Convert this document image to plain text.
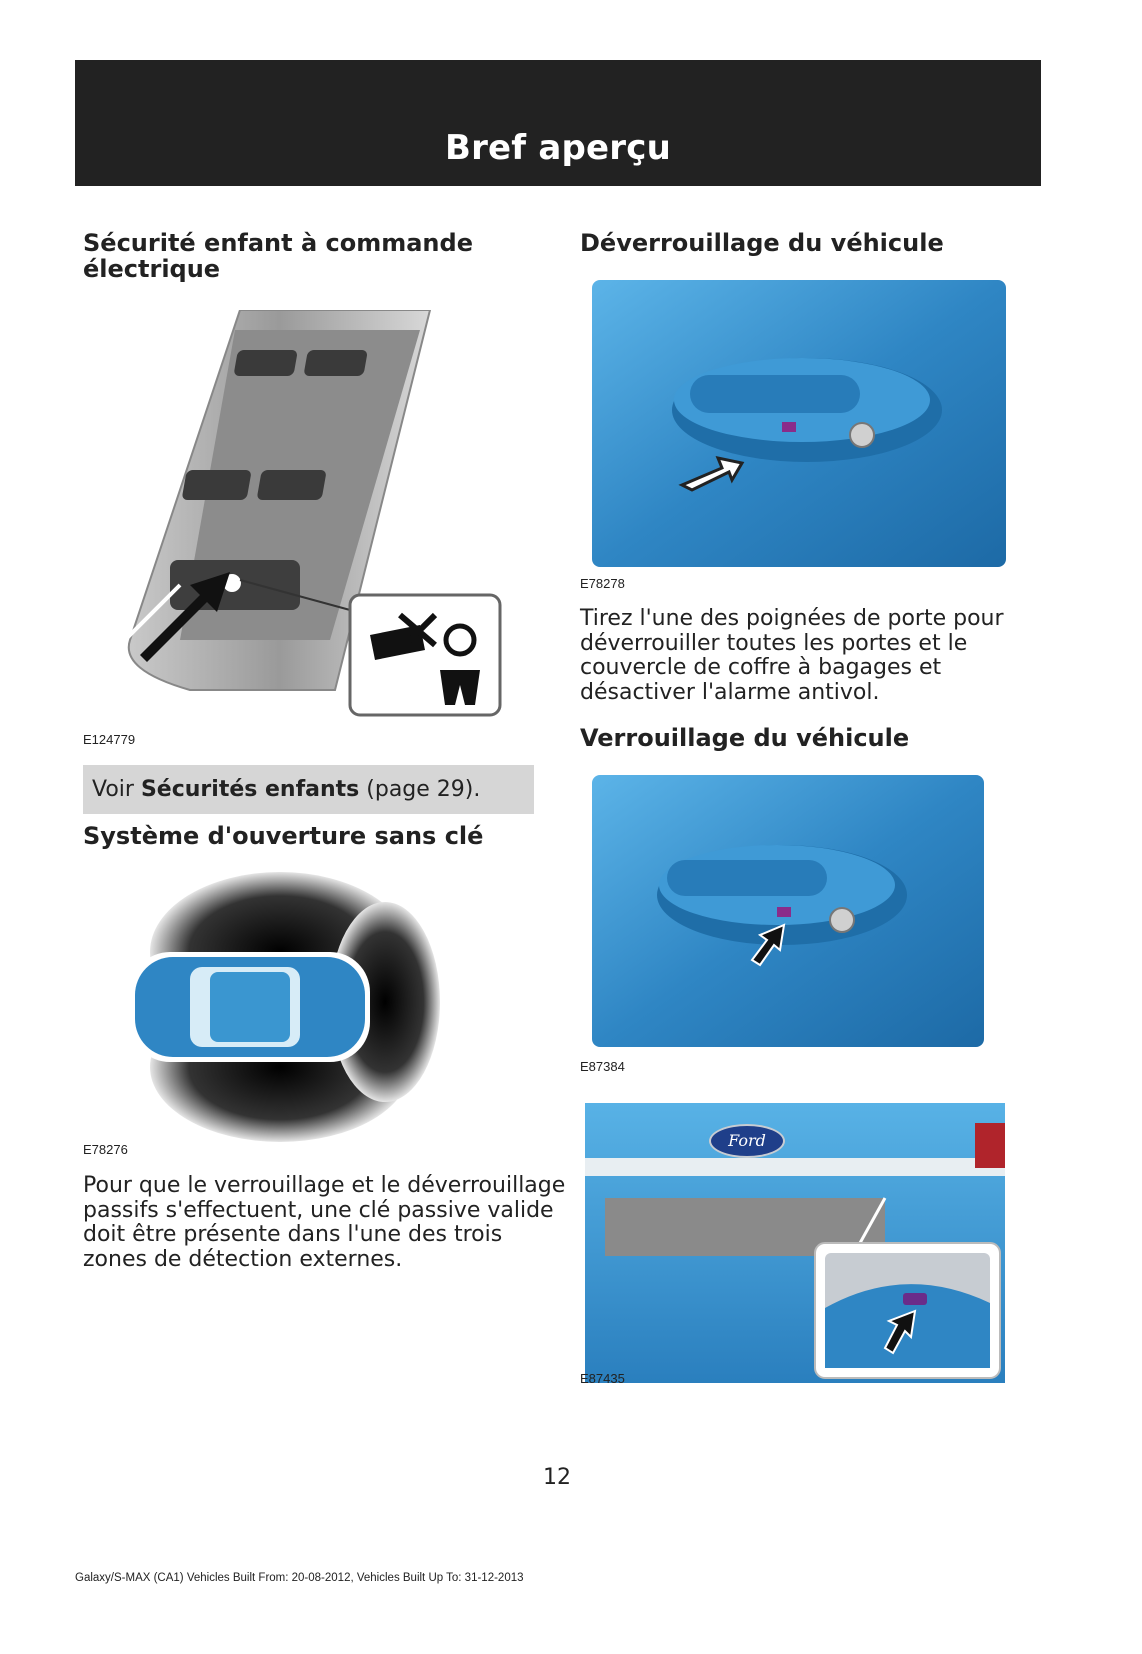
Bref aperçu
Sécurité enfant à commande
électrique
E124779
Voir Sécurités enfants (page 29).
Système d'ouverture sans clé
E78276
Pour que le verrouillage et le déverrouillage
passifs s'effectuent, une clé passive valide
doit être présente dans l'une des trois
zones de détection externes.
Déverrouillage du véhicule
E78278
Tirez l'une des poignées de porte pour
déverrouiller toutes les portes et le
couvercle de coffre à bagages et
désactiver l'alarme antivol.
Verrouillage du véhicule
E87384
Ford
E87435
12
Galaxy/S-MAX (CA1) Vehicles Built From: 20-08-2012, Vehicles Built Up To: 31-12-2013
